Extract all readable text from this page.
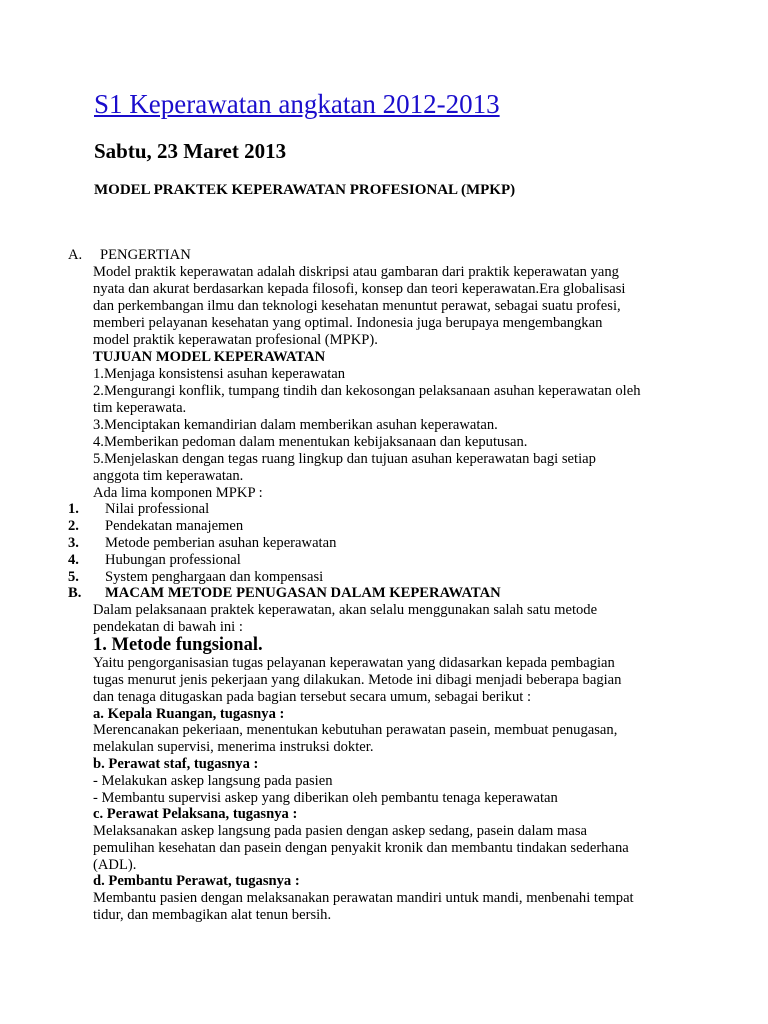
S1 Keperawatan angkatan 2012-2013
Sabtu, 23 Maret 2013
MODEL PRAKTEK KEPERAWATAN PROFESIONAL (MPKP)
A. PENGERTIAN
Model praktik keperawatan adalah diskripsi atau gambaran dari praktik keperawatan yang
nyata dan akurat berdasarkan kepada filosofi, konsep dan teori keperawatan.Era globalisasi
dan perkembangan ilmu dan teknologi kesehatan menuntut perawat, sebagai suatu profesi,
memberi pelayanan kesehatan yang optimal. Indonesia juga berupaya mengembangkan
model praktik keperawatan profesional (MPKP).
TUJUAN MODEL KEPERAWATAN
1.Menjaga konsistensi asuhan keperawatan
2.Mengurangi konflik, tumpang tindih dan kekosongan pelaksanaan asuhan keperawatan oleh
tim keperawata.
3.Menciptakan kemandirian dalam memberikan asuhan keperawatan.
4.Memberikan pedoman dalam menentukan kebijaksanaan dan keputusan.
5.Menjelaskan dengan tegas ruang lingkup dan tujuan asuhan keperawatan bagi setiap
anggota tim keperawatan.
Ada lima komponen MPKP :
1. Nilai professional
2. Pendekatan manajemen
3. Metode pemberian asuhan keperawatan
4. Hubungan professional
5. System penghargaan dan kompensasi
B. MACAM METODE PENUGASAN DALAM KEPERAWATAN
Dalam pelaksanaan praktek keperawatan, akan selalu menggunakan salah satu metode
pendekatan di bawah ini :
1. Metode fungsional.
Yaitu pengorganisasian tugas pelayanan keperawatan yang didasarkan kepada pembagian
tugas menurut jenis pekerjaan yang dilakukan. Metode ini dibagi menjadi beberapa bagian
dan tenaga ditugaskan pada bagian tersebut secara umum, sebagai berikut :
a. Kepala Ruangan, tugasnya :
Merencanakan pekeriaan, menentukan kebutuhan perawatan pasein, membuat penugasan,
melakulan supervisi, menerima instruksi dokter.
b. Perawat staf, tugasnya :
- Melakukan askep langsung pada pasien
- Membantu supervisi askep yang diberikan oleh pembantu tenaga keperawatan
c. Perawat Pelaksana, tugasnya :
Melaksanakan askep langsung pada pasien dengan askep sedang, pasein dalam masa
pemulihan kesehatan dan pasein dengan penyakit kronik dan membantu tindakan sederhana
(ADL).
d. Pembantu Perawat, tugasnya :
Membantu pasien dengan melaksanakan perawatan mandiri untuk mandi, menbenahi tempat
tidur, dan membagikan alat tenun bersih.
